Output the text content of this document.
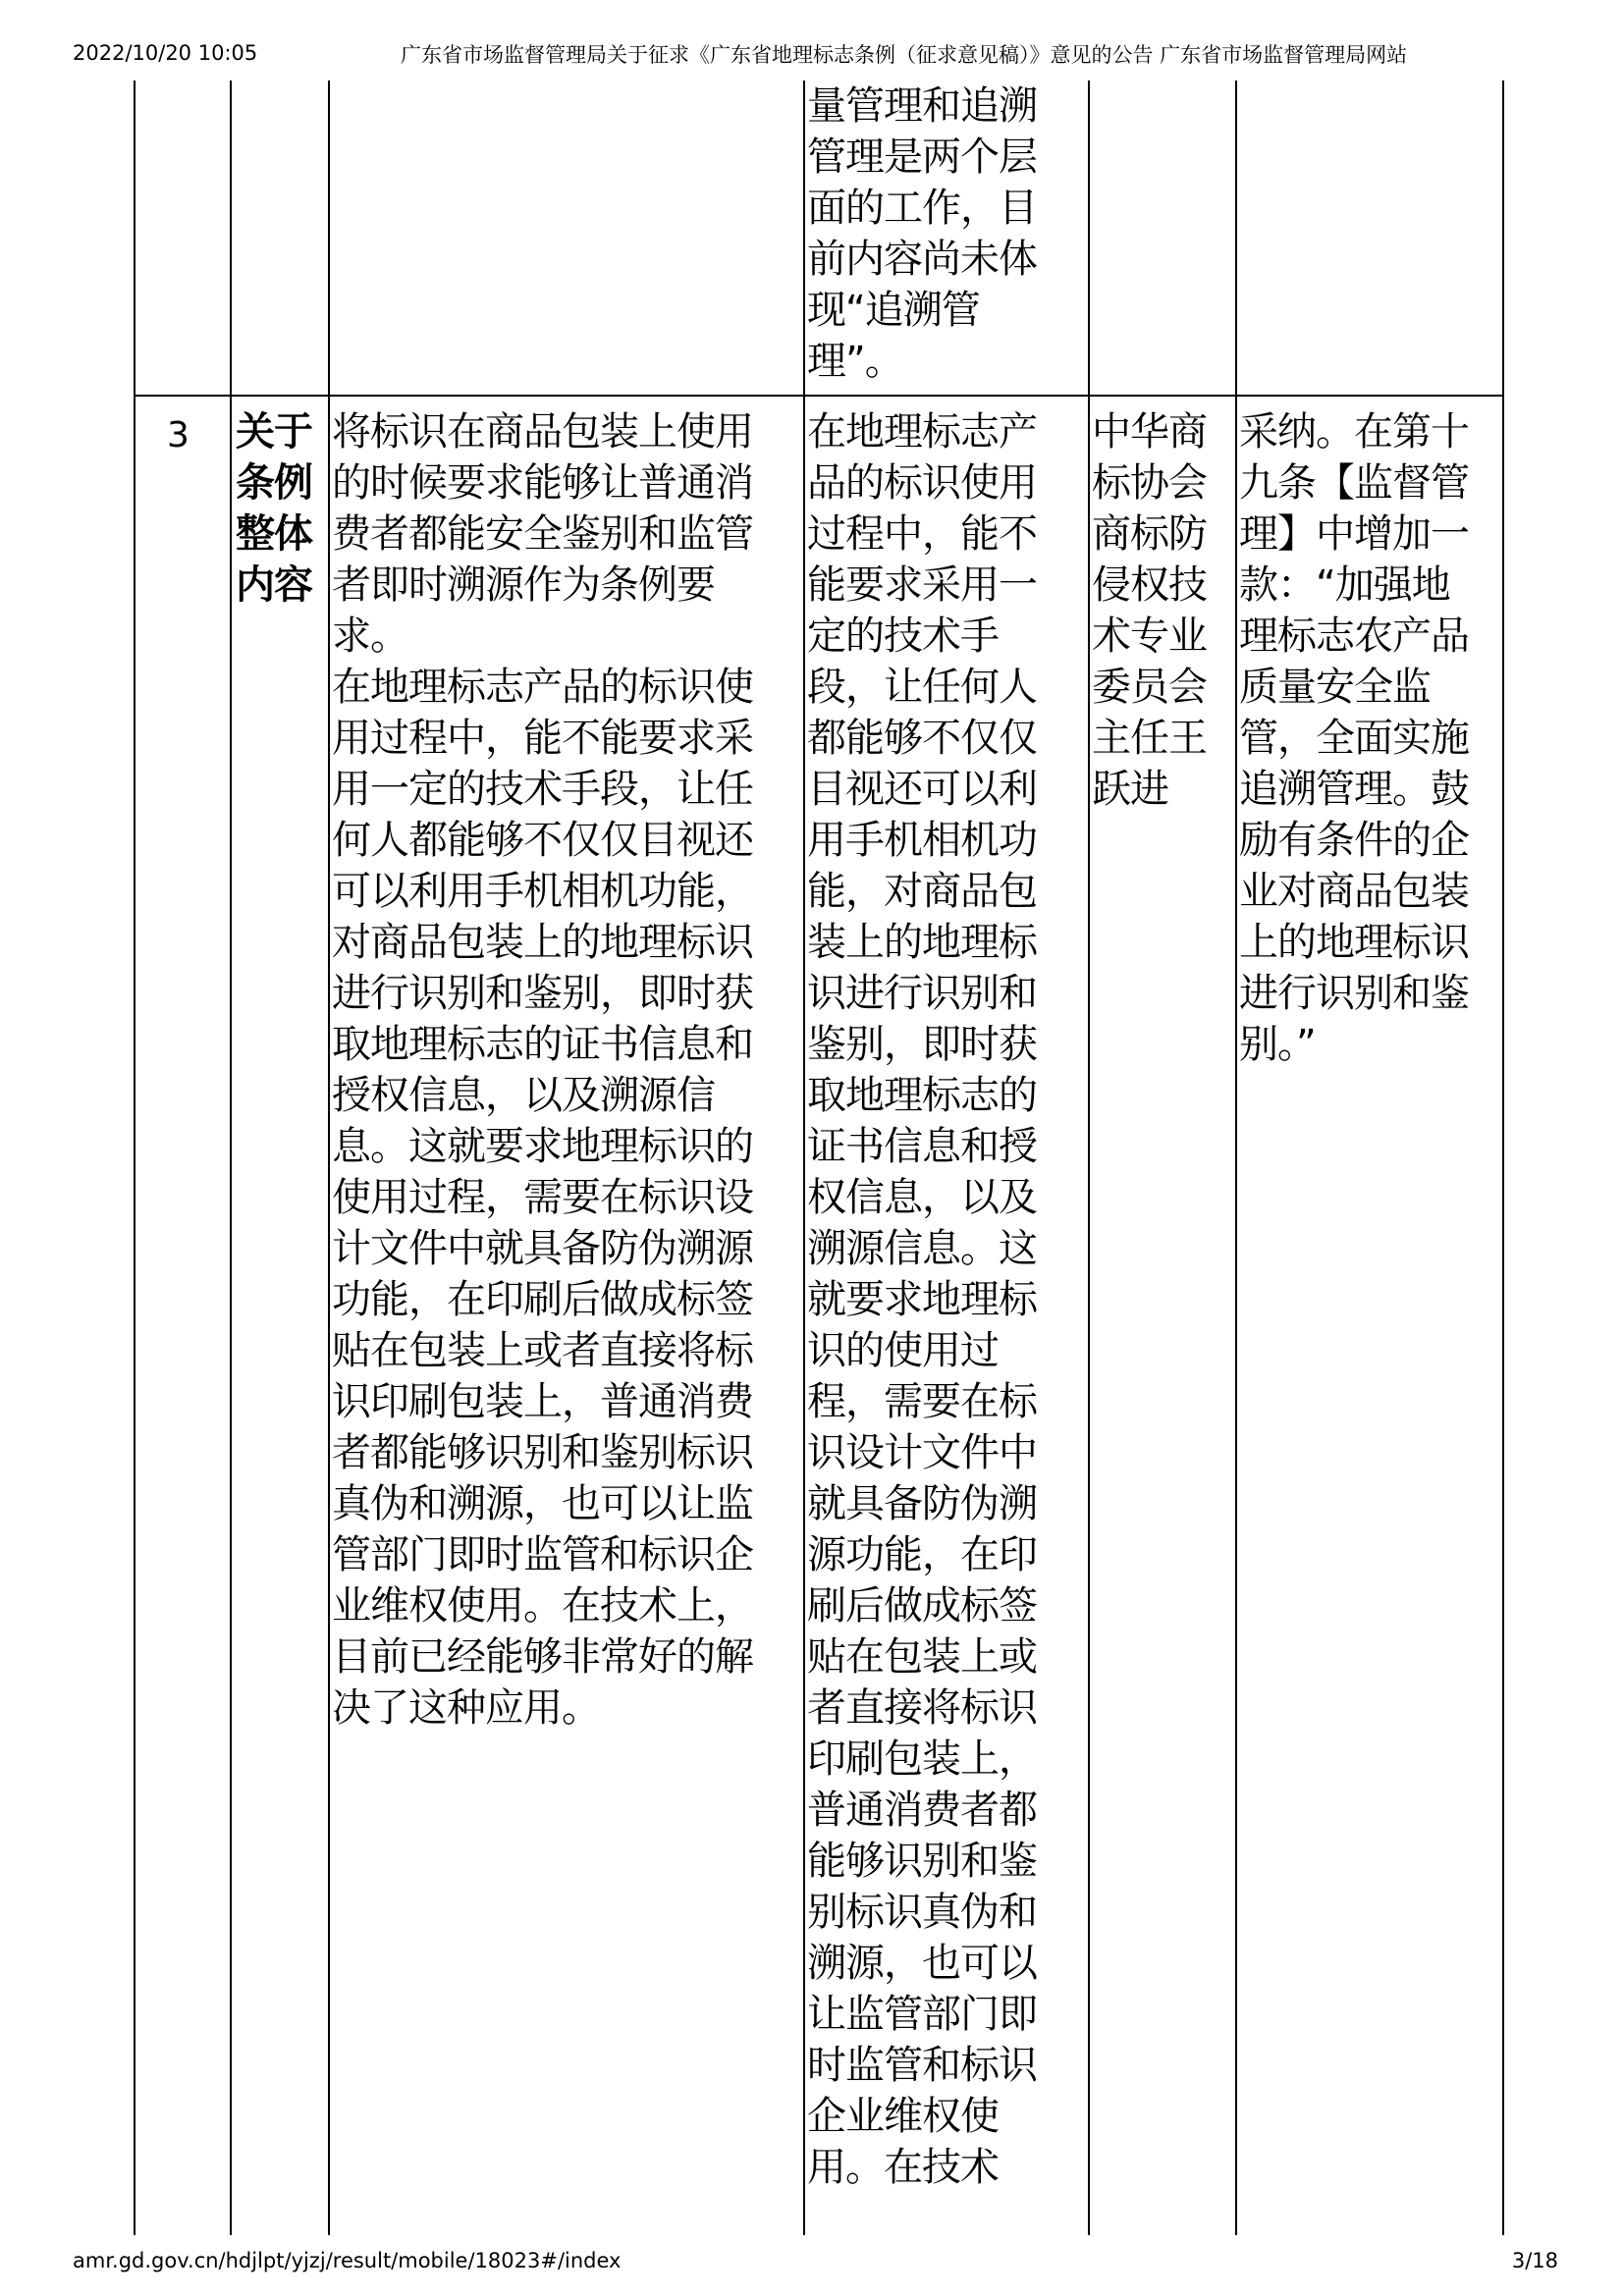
2022/10/20 10:05	广东省市场监督管理局关于征求《广东省地理标志条例（征求意见稿）》意见的公告 广东省市场监督管理局网站
量管理和追溯
管理是两个层
面的工作，目
前内容尚未体
现“追溯管
理”。
3 关于
条例
整体
内容
将标识在商品包装上使用
的时候要求能够让普通消
费者都能安全鉴别和监管
者即时溯源作为条例要
求。
在地理标志产品的标识使
用过程中，能不能要求采
用一定的技术手段，让任
何人都能够不仅仅目视还
可以利用手机相机功能，
对商品包装上的地理标识
进行识别和鉴别，即时获
取地理标志的证书信息和
授权信息，以及溯源信
息。这就要求地理标识的
使用过程，需要在标识设
计文件中就具备防伪溯源
功能，在印刷后做成标签
贴在包装上或者直接将标
识印刷包装上，普通消费
者都能够识别和鉴别标识
真伪和溯源，也可以让监
管部门即时监管和标识企
业维权使用。在技术上，
目前已经能够非常好的解
决了这种应用。
在地理标志产
品的标识使用
过程中，能不
能要求采用一
定的技术手
段，让任何人
都能够不仅仅
目视还可以利
用手机相机功
能，对商品包
装上的地理标
识进行识别和
鉴别，即时获
取地理标志的
证书信息和授
权信息，以及
溯源信息。这
就要求地理标
识的使用过
程，需要在标
识设计文件中
就具备防伪溯
源功能，在印
刷后做成标签
贴在包装上或
者直接将标识
印刷包装上，
普通消费者都
能够识别和鉴
别标识真伪和
溯源，也可以
让监管部门即
时监管和标识
企业维权使
用。在技术
中华商
标协会
商标防
侵权技
术专业
委员会
主任王
跃进
采纳。在第十
九条【监督管
理】中增加一
款：“加强地
理标志农产品
质量安全监
管，全面实施
追溯管理。鼓
励有条件的企
业对商品包装
上的地理标识
进行识别和鉴
别。”
amr.gd.gov.cn/hdjlpt/yjzj/result/mobile/18023#/index	3/18
